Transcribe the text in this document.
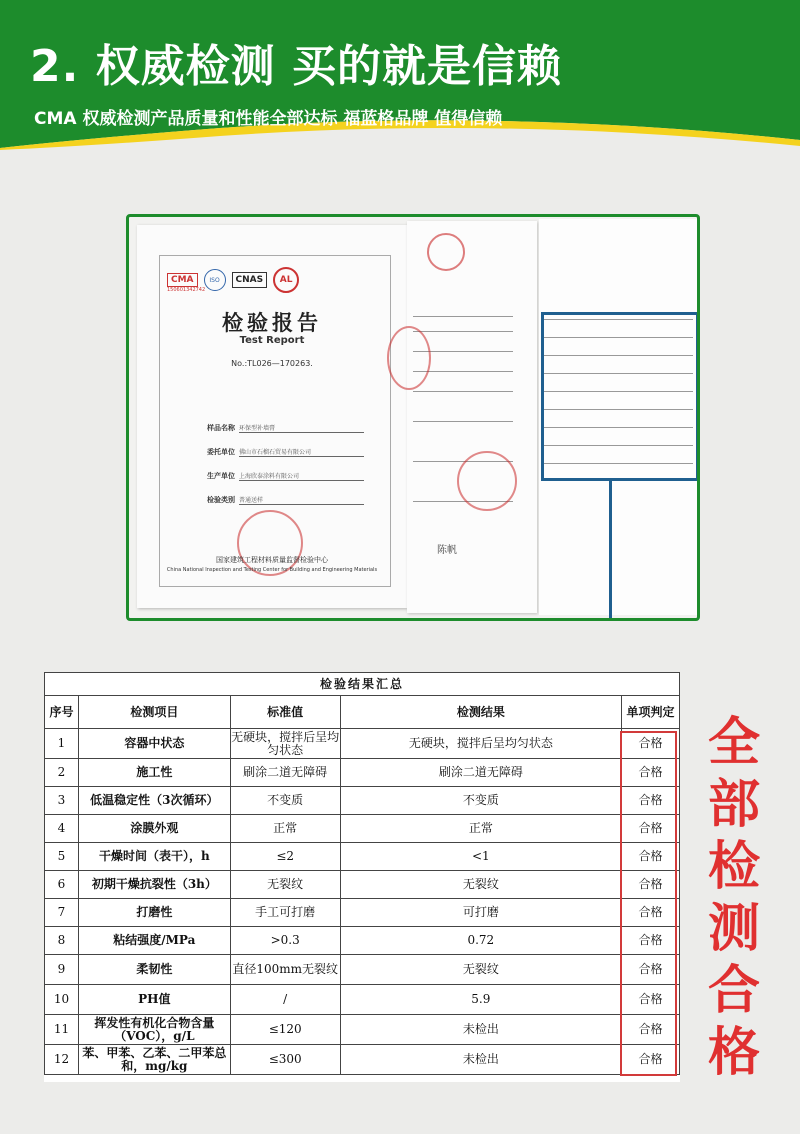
2. 权威检测 买的就是信赖
CMA 权威检测产品质量和性能全部达标 福蓝格品牌 值得信赖
CMA	ISO	CNAS	AL
150601342742
检验报告
Test Report
No.:TL026—170263.
样品名称 环保型补墙膏
委托单位 佛山市石榴石贸易有限公司
生产单位 上海欣泰涂料有限公司
检验类别 普通送样
国家建筑工程材料质量监督检验中心
China National Inspection and Testing Center for Building and Engineering Materials
陈帆
检验结果汇总				
序号	检测项目	标准值	检测结果	单项判定
1	容器中状态	无硬块，搅拌后呈均匀状态	无硬块，搅拌后呈均匀状态	合格
2	施工性	刷涂二道无障碍	刷涂二道无障碍	合格
3	低温稳定性（3次循环）	不变质	不变质	合格
4	涂膜外观	正常	正常	合格
5	干燥时间（表干），h	≤2	<1	合格
6	初期干燥抗裂性（3h）	无裂纹	无裂纹	合格
7	打磨性	手工可打磨	可打磨	合格
8	粘结强度/MPa	>0.3	0.72	合格
9	柔韧性	直径100mm无裂纹	无裂纹	合格
10	PH值	/	5.9	合格
11	挥发性有机化合物含量（VOC），g/L	≤120	未检出	合格
12	苯、甲苯、乙苯、二甲苯总和，mg/kg	≤300	未检出	合格
全
部
检
测
合
格
